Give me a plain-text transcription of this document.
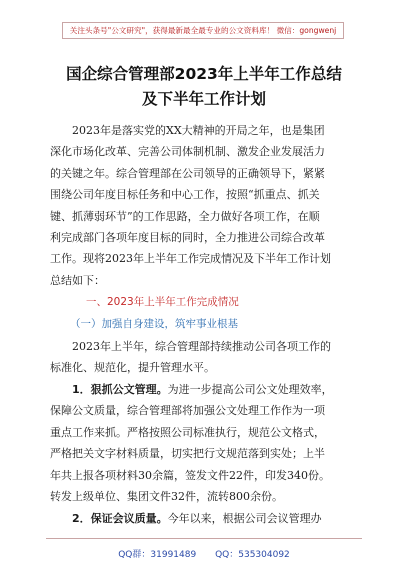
关注头条号"公文研究"，获得最新最全最专业的公文资料库！ 微信：gongwenj
国企综合管理部2023年上半年工作总结
及下半年工作计划
2023年是落实党的XX大精神的开局之年，也是集团
深化市场化改革、完善公司体制机制、激发企业发展活力
的关键之年。综合管理部在公司领导的正确领导下，紧紧
围绕公司年度目标任务和中心工作，按照“抓重点、抓关
键、抓薄弱环节”的工作思路，全力做好各项工作，在顺
利完成部门各项年度目标的同时，全力推进公司综合改革
工作。现将2023年上半年工作完成情况及下半年工作计划
总结如下：
一、2023年上半年工作完成情况
（一）加强自身建设，筑牢事业根基
2023年上半年，综合管理部持续推动公司各项工作的
标准化、规范化，提升管理水平。
1．狠抓公文管理。为进一步提高公司公文处理效率，
保障公文质量，综合管理部将加强公文处理工作作为一项
重点工作来抓。严格按照公司标准执行，规范公文格式，
严格把关文字材料质量，切实把行文规范落到实处；上半
年共上报各项材料30余篇，签发文件22件，印发340份。
转发上级单位、集团文件32件，流转800余份。
2．保证会议质量。今年以来，根据公司会议管理办
QQ群：31991489 QQ：535304092
